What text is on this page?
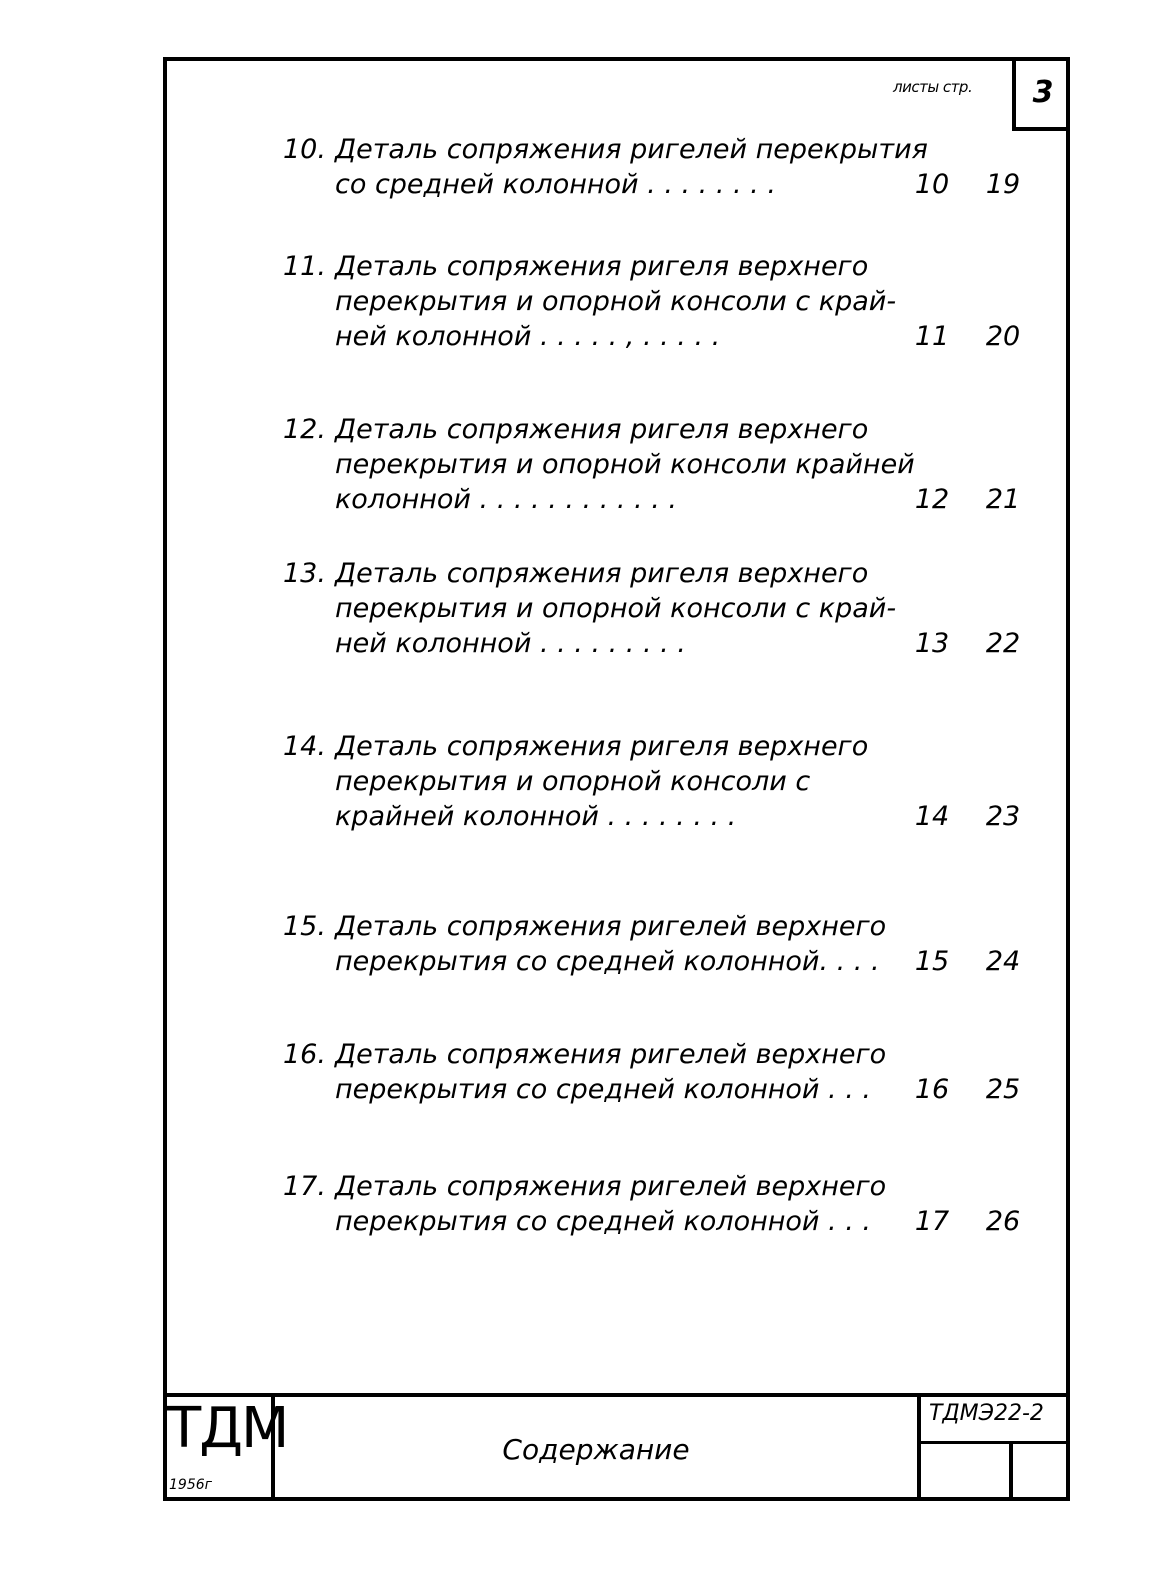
листы стр. 3
10. Деталь сопряжения ригелей перекрытия
со средней колонной . . . . . . . .	10 19
11. Деталь сопряжения ригеля верхнего
перекрытия и опорной консоли с край-
ней колонной . . . . . , . . . . .	11 20
12. Деталь сопряжения ригеля верхнего
перекрытия и опорной консоли крайней
колонной . . . . . . . . . . . .	12 21
13. Деталь сопряжения ригеля верхнего
перекрытия и опорной консоли с край-
ней колонной . . . . . . . . .	13 22
14. Деталь сопряжения ригеля верхнего
перекрытия и опорной консоли с
крайней колонной . . . . . . . .	14 23
15. Деталь сопряжения ригелей верхнего
перекрытия со средней колонной. . . . 15 24
16. Деталь сопряжения ригелей верхнего
перекрытия со средней колонной . . . 16 25
17. Деталь сопряжения ригелей верхнего
перекрытия со средней колонной . . . 17 26
ТДМ
1956г
Содержание
ТДМЭ22-2
